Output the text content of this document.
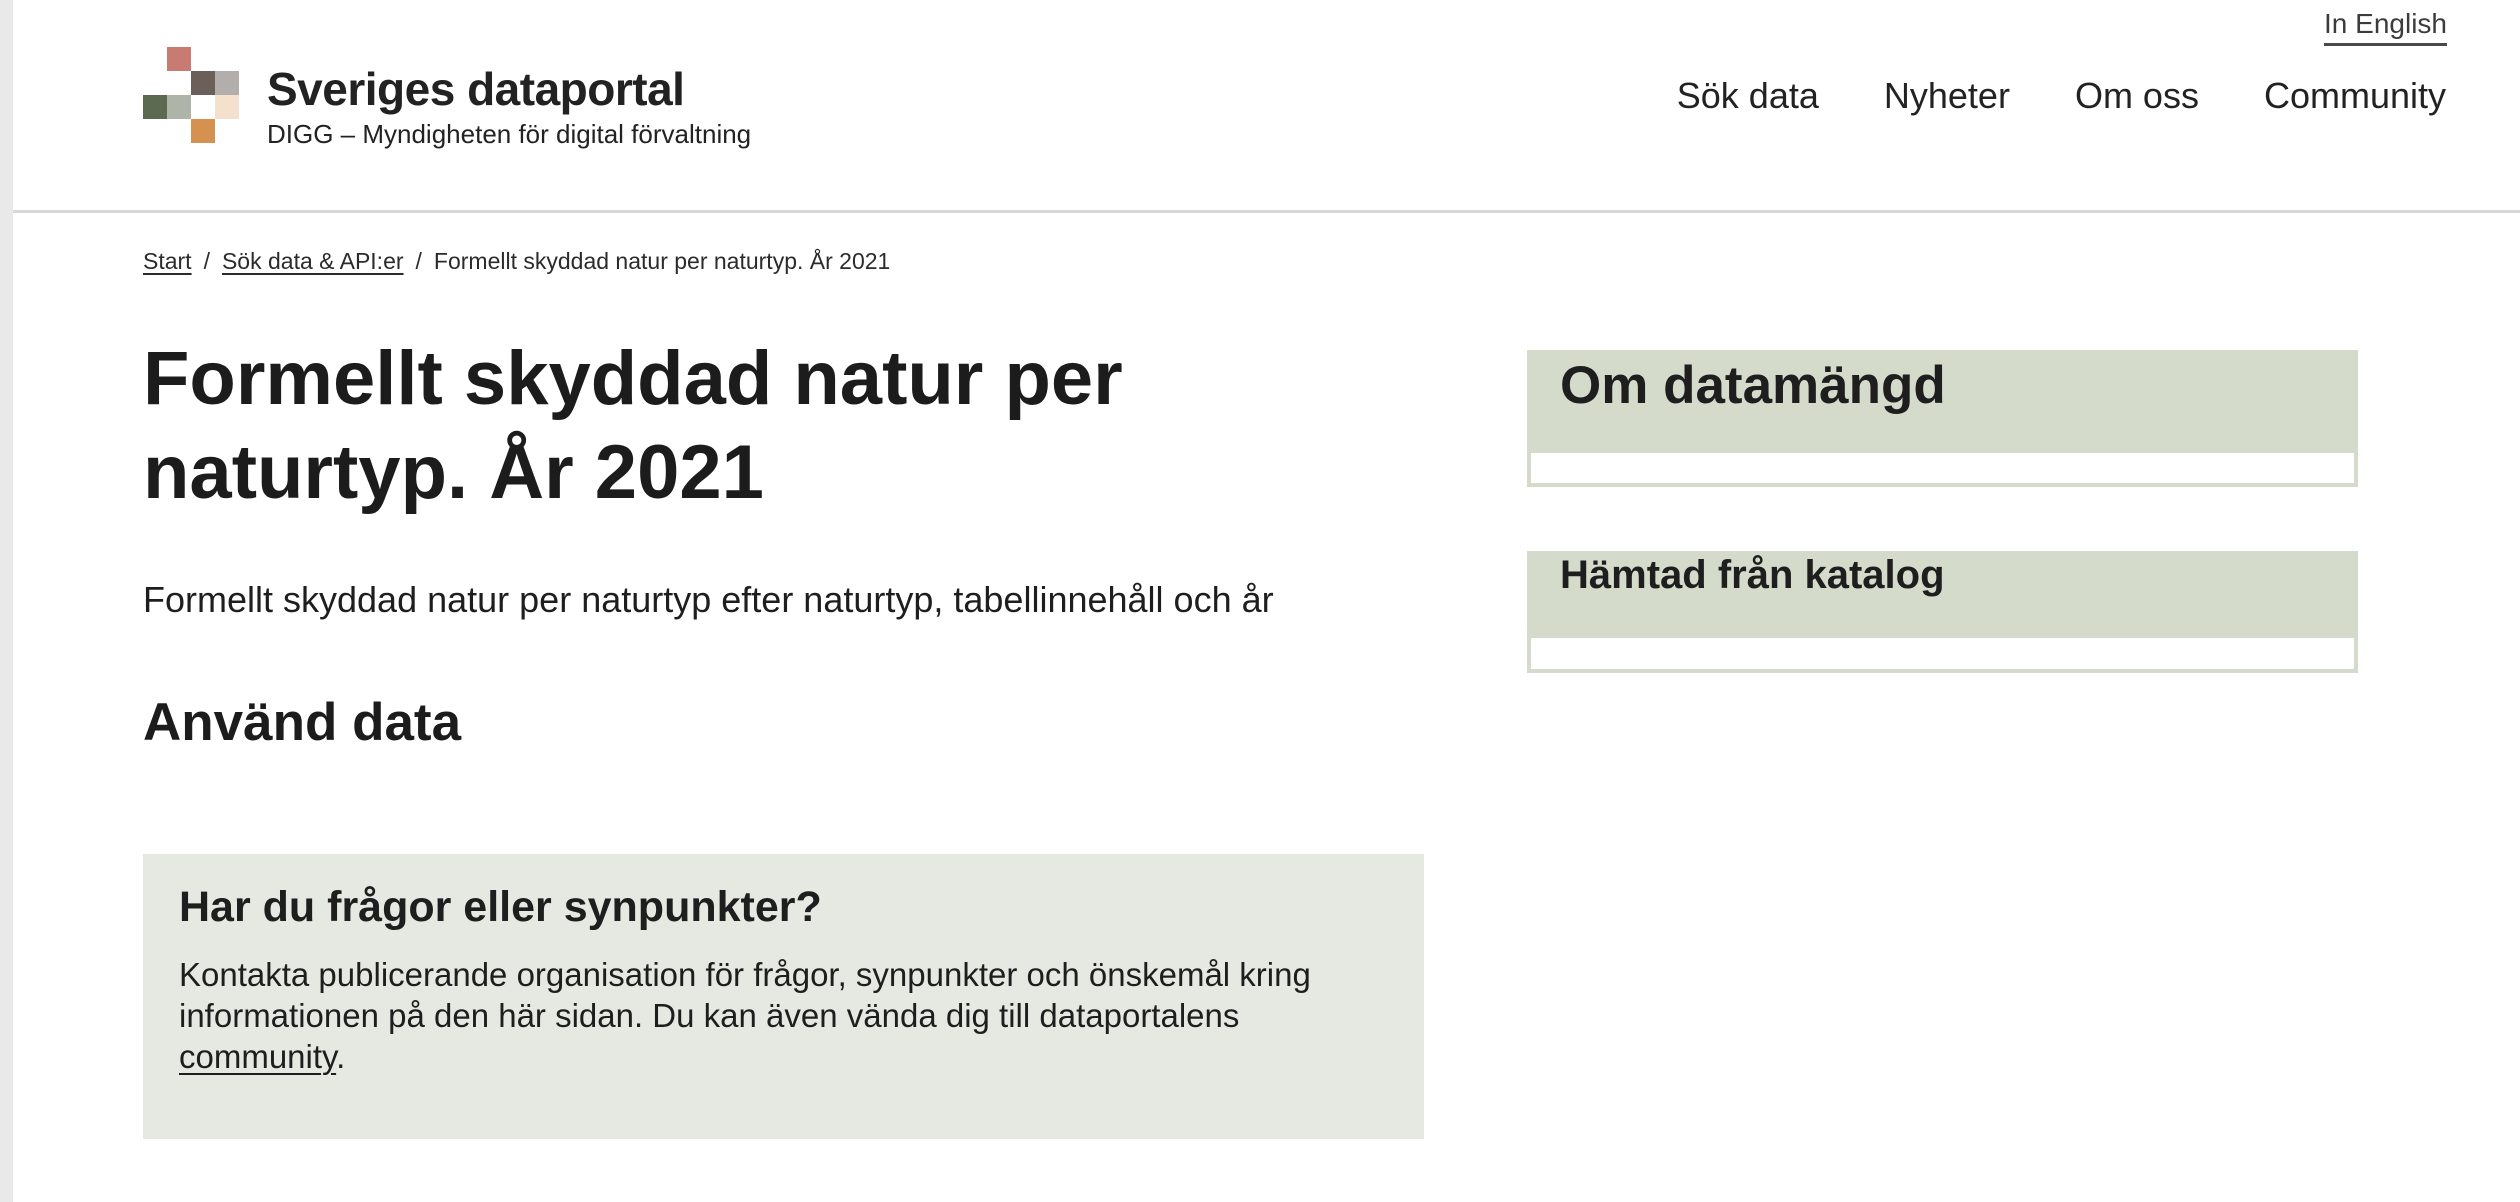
Sveriges dataportal
DIGG – Myndigheten för digital förvaltning
In English
Sök data Nyheter Om oss Community
Start / Sök data & API:er / Formellt skyddad natur per naturtyp. År 2021
Formellt skyddad natur per naturtyp. År 2021
Formellt skyddad natur per naturtyp efter naturtyp, tabellinnehåll och år
Använd data
Har du frågor eller synpunkter?

Kontakta publicerande organisation för frågor, synpunkter och önskemål kring informationen på den här sidan. Du kan även vända dig till dataportalens community.

Om datamängd
Hämtad från katalog
